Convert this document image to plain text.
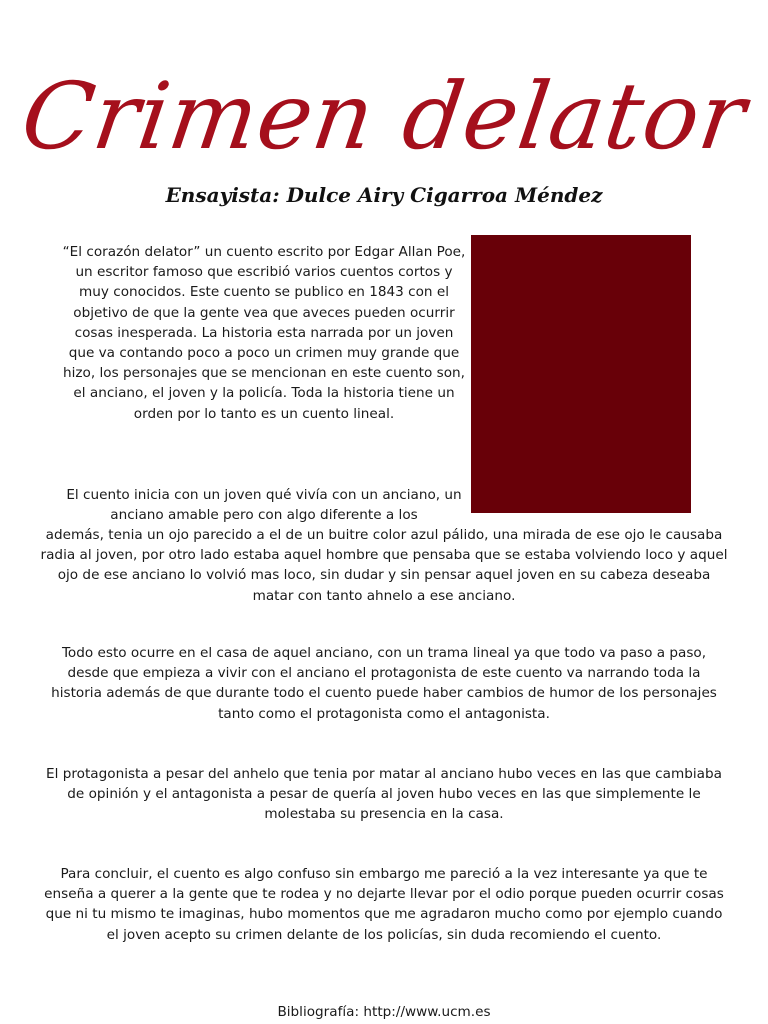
Crimen delator
Ensayista: Dulce Airy Cigarroa Méndez

“El corazón delator” un cuento escrito por Edgar Allan Poe, un escritor famoso que escribió varios cuentos cortos y muy conocidos. Este cuento se publico en 1843 con el objetivo de que la gente vea que aveces pueden ocurrir cosas inesperada. La historia esta narrada por un joven que va contando poco a poco un crimen muy grande que hizo, los personajes que se mencionan en este cuento son, el anciano, el joven y la policía. Toda la historia tiene un orden por lo tanto es un cuento lineal.

El cuento inicia con un joven qué vivía con un anciano, un anciano amable pero con algo diferente a los

además, tenia un ojo parecido a el de un buitre color azul pálido, una mirada de ese ojo le causaba radia al joven, por otro lado estaba aquel hombre que pensaba que se estaba volviendo loco y aquel ojo de ese anciano lo volvió mas loco, sin dudar y sin pensar aquel joven en su cabeza deseaba matar con tanto ahnelo a ese anciano.

Todo esto ocurre en el casa de aquel anciano, con un trama lineal ya que todo va paso a paso, desde que empieza a vivir con el anciano el protagonista de este cuento va narrando toda la historia además de que durante todo el cuento puede haber cambios de humor de los personajes tanto como el protagonista como el antagonista.

El protagonista a pesar del anhelo que tenia por matar al anciano hubo veces en las que cambiaba de opinión y el antagonista a pesar de quería al joven hubo veces en las que simplemente le molestaba su presencia en la casa.

Para concluir, el cuento es algo confuso sin embargo me pareció a la vez interesante ya que te enseña a querer a la gente que te rodea y no dejarte llevar por el odio porque pueden ocurrir cosas que ni tu mismo te imaginas, hubo momentos que me agradaron mucho como por ejemplo cuando el joven acepto su crimen delante de los policías, sin duda recomiendo el cuento.

Bibliografía: http://www.ucm.es
